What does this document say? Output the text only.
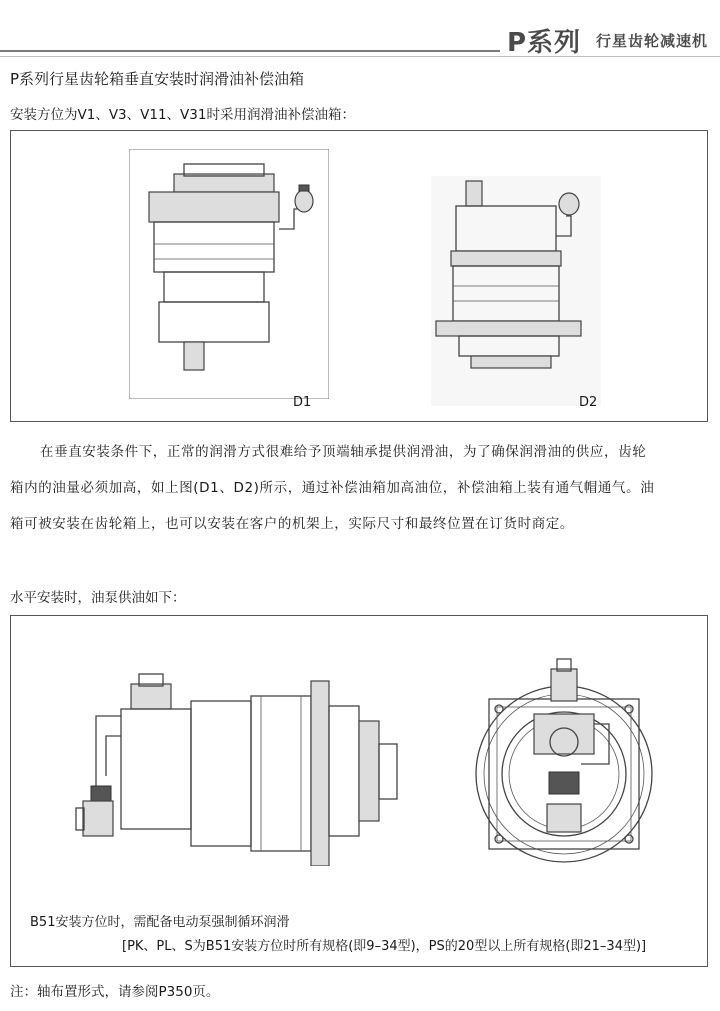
P系列 行星齿轮减速机
P系列行星齿轮箱垂直安装时润滑油补偿油箱
安装方位为V1、V3、V11、V31时采用润滑油补偿油箱：
D1	D2

在垂直安装条件下，正常的润滑方式很难给予顶端轴承提供润滑油，为了确保润滑油的供应，齿轮

箱内的油量必须加高，如上图(D1、D2)所示，通过补偿油箱加高油位，补偿油箱上装有通气帽通气。油

箱可被安装在齿轮箱上，也可以安装在客户的机架上，实际尺寸和最终位置在订货时商定。

水平安装时，油泵供油如下：
B51安装方位时，需配备电动泵强制循环润滑
[PK、PL、S为B51安装方位时所有规格(即9–34型)，PS的20型以上所有规格(即21–34型)]
注：轴布置形式，请参阅P350页。
